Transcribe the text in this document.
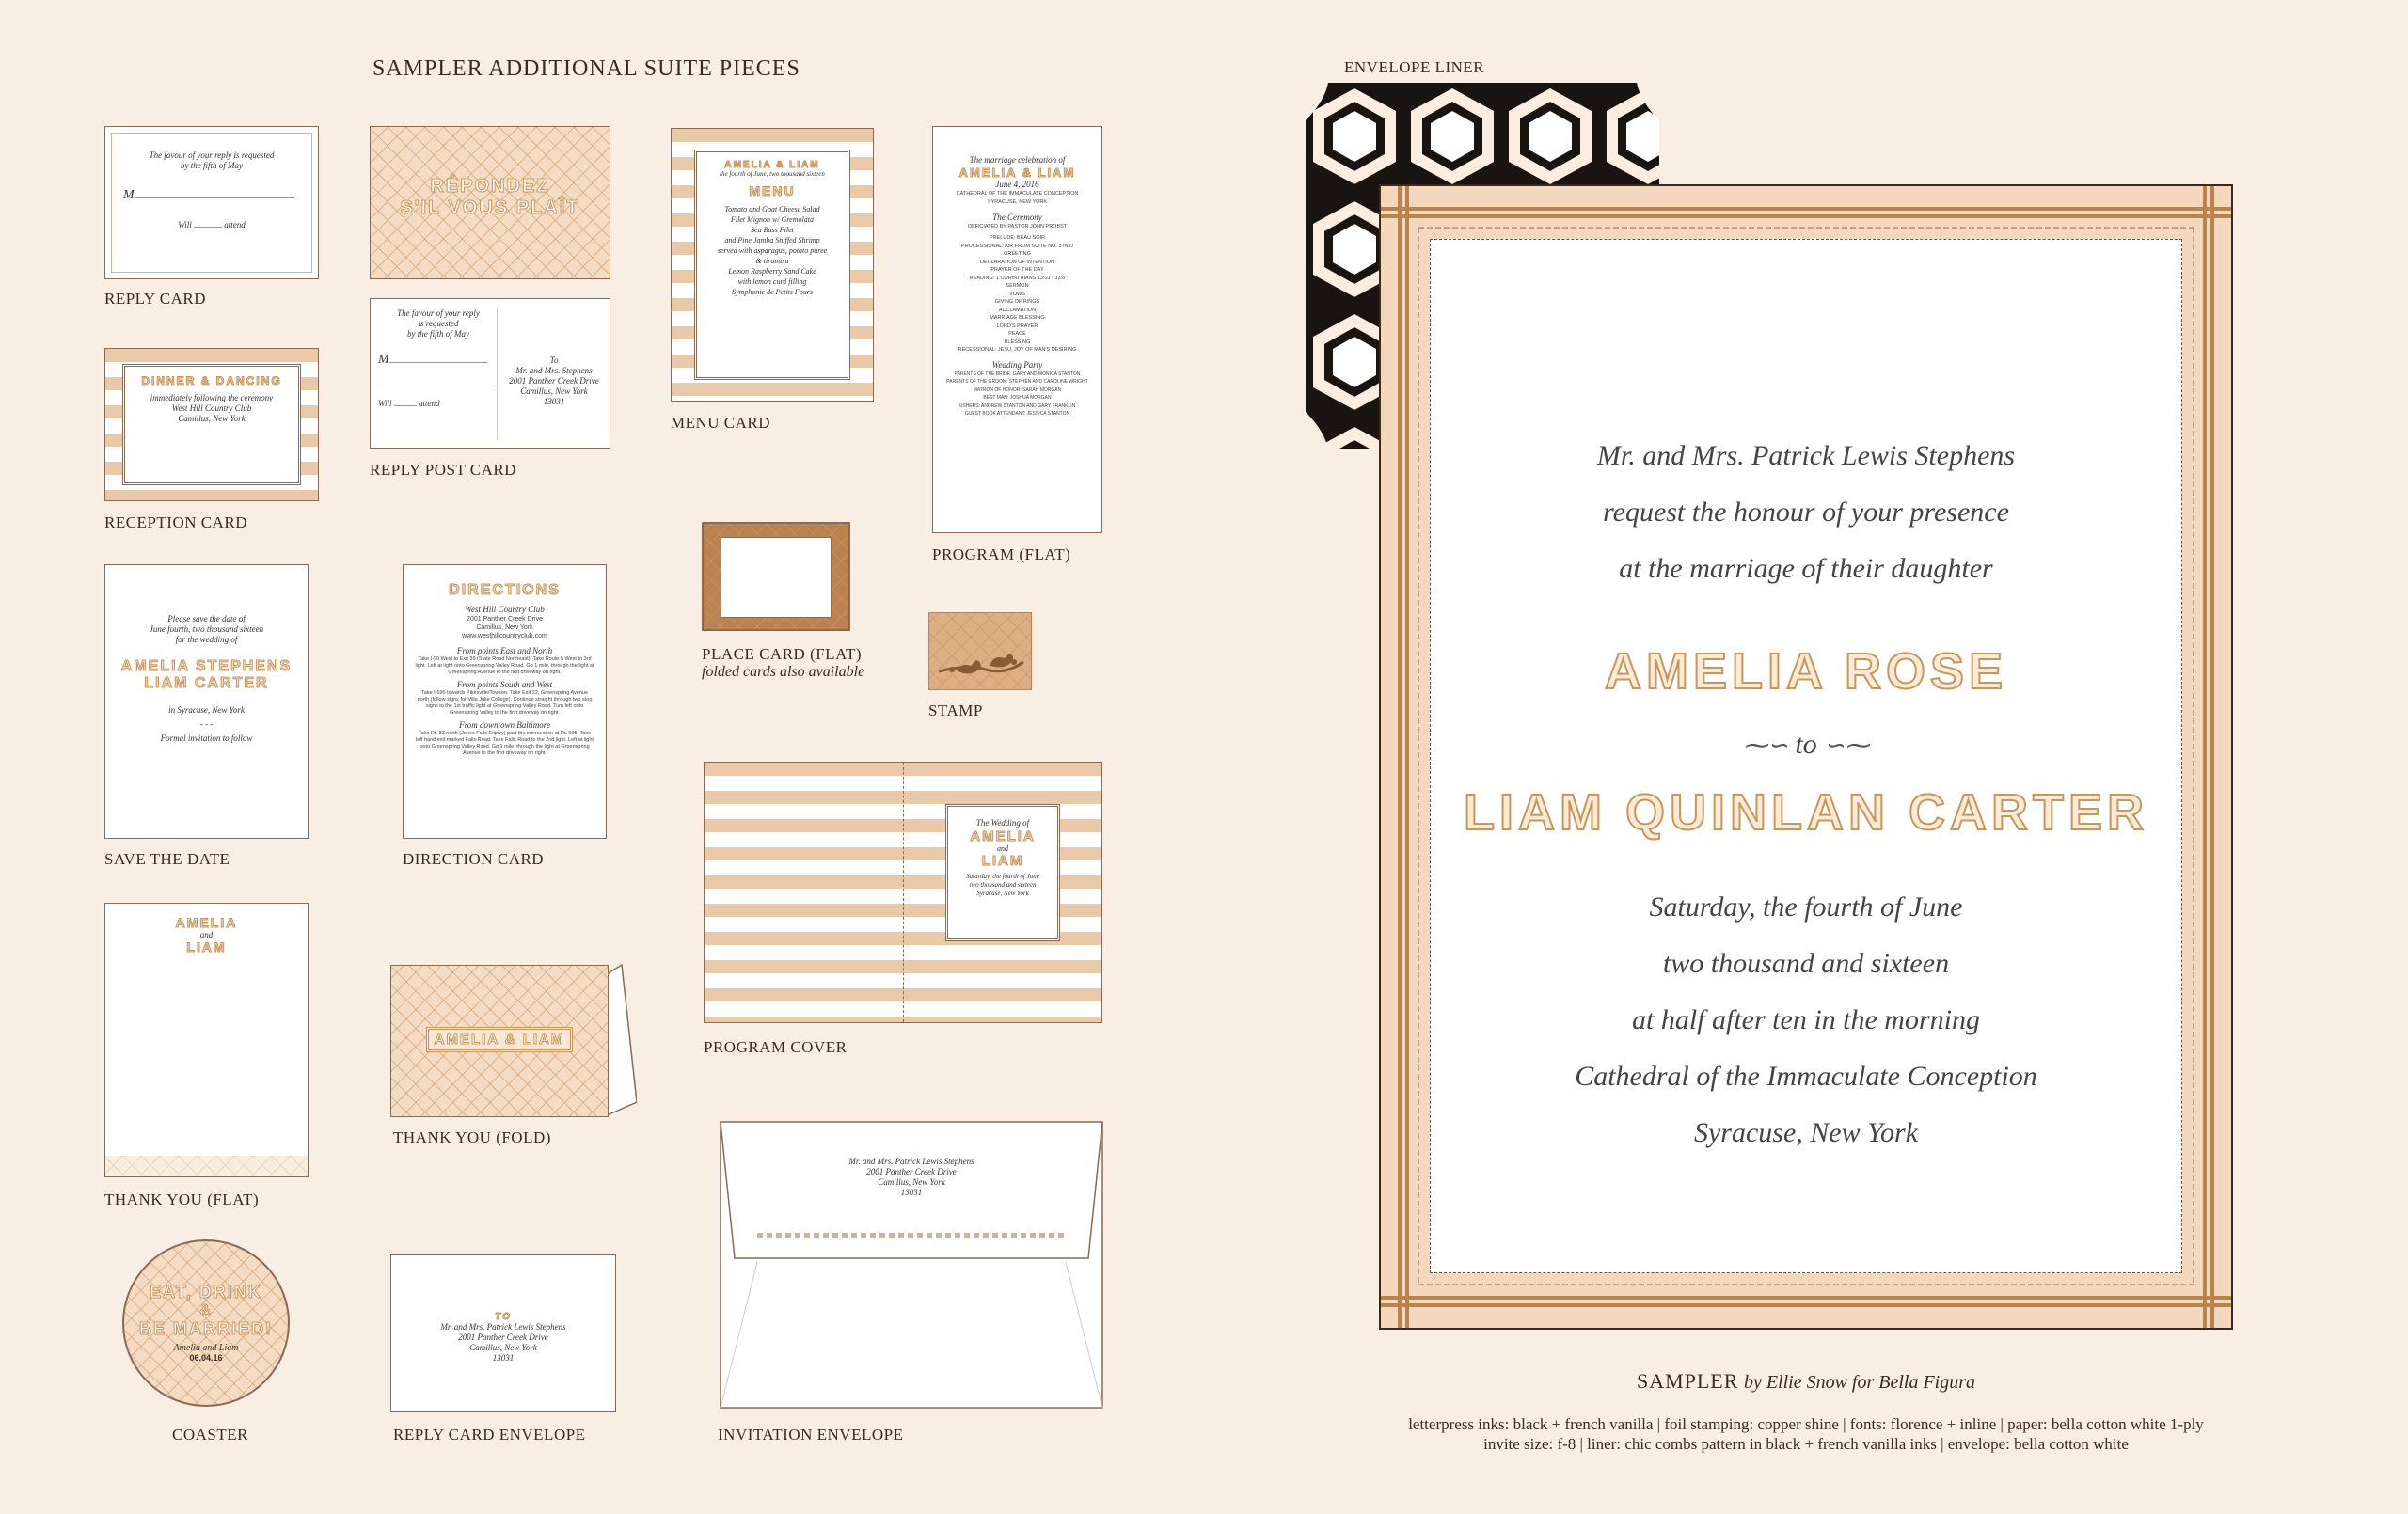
SAMPLER ADDITIONAL SUITE PIECES
The favour of your reply is requested
by the fifth of May
M
Will	attend
REPLY CARD
DINNER & DANCING
immediately following the ceremony
West Hill Country Club
Camillus, New York
RECEPTION CARD
Please save the date of
June fourth, two thousand sixteen
for the wedding of
AMELIA STEPHENS
LIAM CARTER
in Syracuse, New York
- - -
Formal invitation to follow
SAVE THE DATE
AMELIA
and
LIAM
THANK YOU (FLAT)
EAT, DRINK
&
BE MARRIED!
Amelia and Liam
06.04.16
COASTER
RÉPONDEZ
S'IL VOUS PLAÎT
The favour of your reply
is requested
by the fifth of May
M
Will	attend
To
Mr. and Mrs. Stephens
2001 Panther Creek Drive
Camillus, New York
13031
REPLY POST CARD
DIRECTIONS
West Hill Country Club
2001 Panther Creek Drive
Camillus, New York
www.westhillcountryclub.com
From points East and North
Take I-90 West to Exit 39 (State Road Northeast). Take Route 5 West to 3rd light. Left at light onto Greenspring Valley Road. Go 1 mile, through the light at Greenspring Avenue to the first driveway on right.
From points South and West
Take I-695 towards Pikesville/Towson. Take Exit 22, Greenspring Avenue north (follow signs for Villa Julie College). Continue straight through two stop signs to the 1st traffic light at Greenspring Valley Road. Turn left onto Greenspring Valley to the first driveway on right.
From downtown Baltimore
Take Rt. 83 north (Jones Falls Expwy) past the intersection at Rt. 695. Take left hand exit marked Falls Road. Take Falls Road to the 2nd light. Left at light onto Greenspring Valley Road. Go 1 mile, through the light at Greenspring Avenue to the first driveway on right.
DIRECTION CARD
AMELIA & LIAM
THANK YOU (FOLD)
TO
Mr. and Mrs. Patrick Lewis Stephens
2001 Panther Creek Drive
Camillus, New York
13031
REPLY CARD ENVELOPE
AMELIA & LIAM
the fourth of June, two thousand sixteen
MENU
Tomato and Goat Cheese Salad
Filet Mignon w/ Gremolata
Sea Bass Filet
and Pine Jamba Stuffed Shrimp
served with asparagus, potato puree
& tiramisu
Lemon Raspberry Sand Cake
with lemon curd filling
Symphonie de Petits Fours
MENU CARD
PLACE CARD (FLAT)
folded cards also available
The Wedding of
AMELIA
and
LIAM
Saturday, the fourth of June
two thousand and sixteen
Syracuse, New York
PROGRAM COVER
Mr. and Mrs. Patrick Lewis Stephens
2001 Panther Creek Drive
Camillus, New York
13031
INVITATION ENVELOPE
The marriage celebration of
AMELIA & LIAM
June 4, 2016
CATHEDRAL OF THE IMMACULATE CONCEPTION
SYRACUSE, NEW YORK
The Ceremony
OFFICIATED BY PASTOR JOHN PROBST
PRELUDE: BEAU SOIR
PROCESSIONAL: AIR FROM SUITE NO. 3 IN D
GREETING
DECLARATION OF INTENTION
PRAYER OF THE DAY
READING: 1 CORINTHIANS 13:01 - 13:8
SERMON
VOWS
GIVING OF RINGS
ACCLAMATION
MARRIAGE BLESSING
LORD'S PRAYER
PEACE
BLESSING
RECESSIONAL: JESU, JOY OF MAN'S DESIRING
Wedding Party
PARENTS OF THE BRIDE: GARY AND MONICA STANTON
PARENTS OF THE GROOM: STEPHEN AND CAROLINE WRIGHT
MATRON OF HONOR: SARAH MORGAN
BEST MAN: JOSHUA MORGAN
USHERS: ANDREW STANTON AND GARY FRANKLIN
GUEST BOOK ATTENDANT: JESSICA STANTON
PROGRAM (FLAT)
STAMP
ENVELOPE LINER
Mr. and Mrs. Patrick Lewis Stephens
request the honour of your presence
at the marriage of their daughter
AMELIA ROSE
⁓∽ to ∽⁓
LIAM QUINLAN CARTER
Saturday, the fourth of June
two thousand and sixteen
at half after ten in the morning
Cathedral of the Immaculate Conception
Syracuse, New York
SAMPLER by Ellie Snow for Bella Figura
letterpress inks: black + french vanilla | foil stamping: copper shine | fonts: florence + inline | paper: bella cotton white 1-ply
invite size: f-8 | liner: chic combs pattern in black + french vanilla inks | envelope: bella cotton white
